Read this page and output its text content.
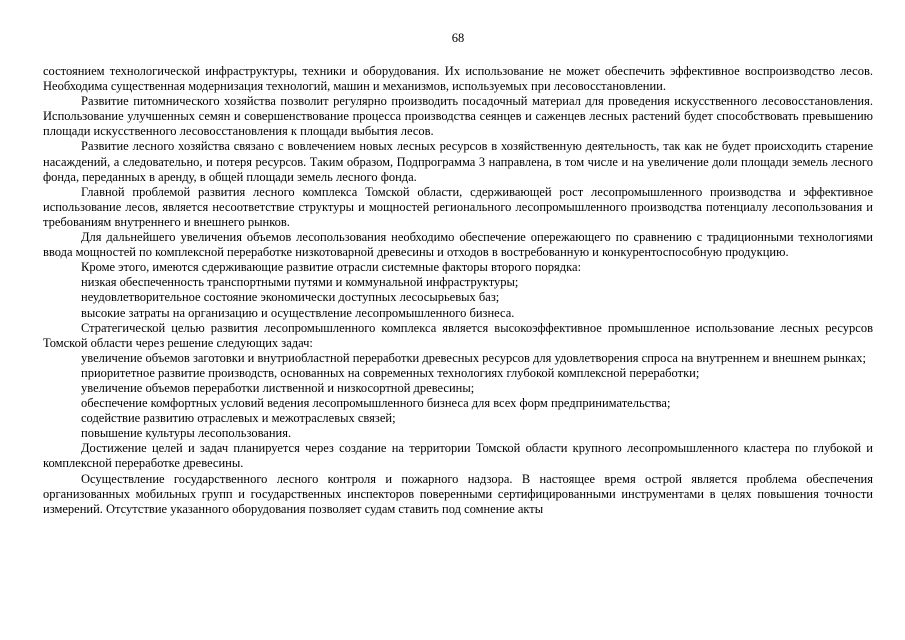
68

состоянием технологической инфраструктуры, техники и оборудования. Их использование не может обеспечить эффективное воспроизводство лесов. Необходима существенная модернизация технологий, машин и механизмов, используемых при лесовосстановлении.

Развитие питомнического хозяйства позволит регулярно производить посадочный материал для проведения искусственного лесовосстановления. Использование улучшенных семян и совершенствование процесса производства сеянцев и саженцев лесных растений будет способствовать превышению площади искусственного лесовосстановления к площади выбытия лесов.

Развитие лесного хозяйства связано с вовлечением новых лесных ресурсов в хозяйственную деятельность, так как не будет происходить старение насаждений, а следовательно, и потеря ресурсов. Таким образом, Подпрограмма 3 направлена, в том числе и на увеличение доли площади земель лесного фонда, переданных в аренду, в общей площади земель лесного фонда.

Главной проблемой развития лесного комплекса Томской области, сдерживающей рост лесопромышленного производства и эффективное использование лесов, является несоответствие структуры и мощностей регионального лесопромышленного производства потенциалу лесопользования и требованиям внутреннего и внешнего рынков.

Для дальнейшего увеличения объемов лесопользования необходимо обеспечение опережающего по сравнению с традиционными технологиями ввода мощностей по комплексной переработке низкотоварной древесины и отходов в востребованную и конкурентоспособную продукцию.

Кроме этого, имеются сдерживающие развитие отрасли системные факторы второго порядка:

низкая обеспеченность транспортными путями и коммунальной инфраструктуры;

неудовлетворительное состояние экономически доступных лесосырьевых баз;

высокие затраты на организацию и осуществление лесопромышленного бизнеса.

Стратегической целью развития лесопромышленного комплекса является высокоэффективное промышленное использование лесных ресурсов Томской области через решение следующих задач:

увеличение объемов заготовки и внутриобластной переработки древесных ресурсов для удовлетворения спроса на внутреннем и внешнем рынках;

приоритетное развитие производств, основанных на современных технологиях глубокой комплексной переработки;

увеличение объемов переработки лиственной и низкосортной древесины;

обеспечение комфортных условий ведения лесопромышленного бизнеса для всех форм предпринимательства;

содействие развитию отраслевых и межотраслевых связей;

повышение культуры лесопользования.

Достижение целей и задач планируется через создание на территории Томской области крупного лесопромышленного кластера по глубокой и комплексной переработке древесины.

Осуществление государственного лесного контроля и пожарного надзора. В настоящее время острой является проблема обеспечения организованных мобильных групп и государственных инспекторов поверенными сертифицированными инструментами в целях повышения точности измерений. Отсутствие указанного оборудования позволяет судам ставить под сомнение акты
